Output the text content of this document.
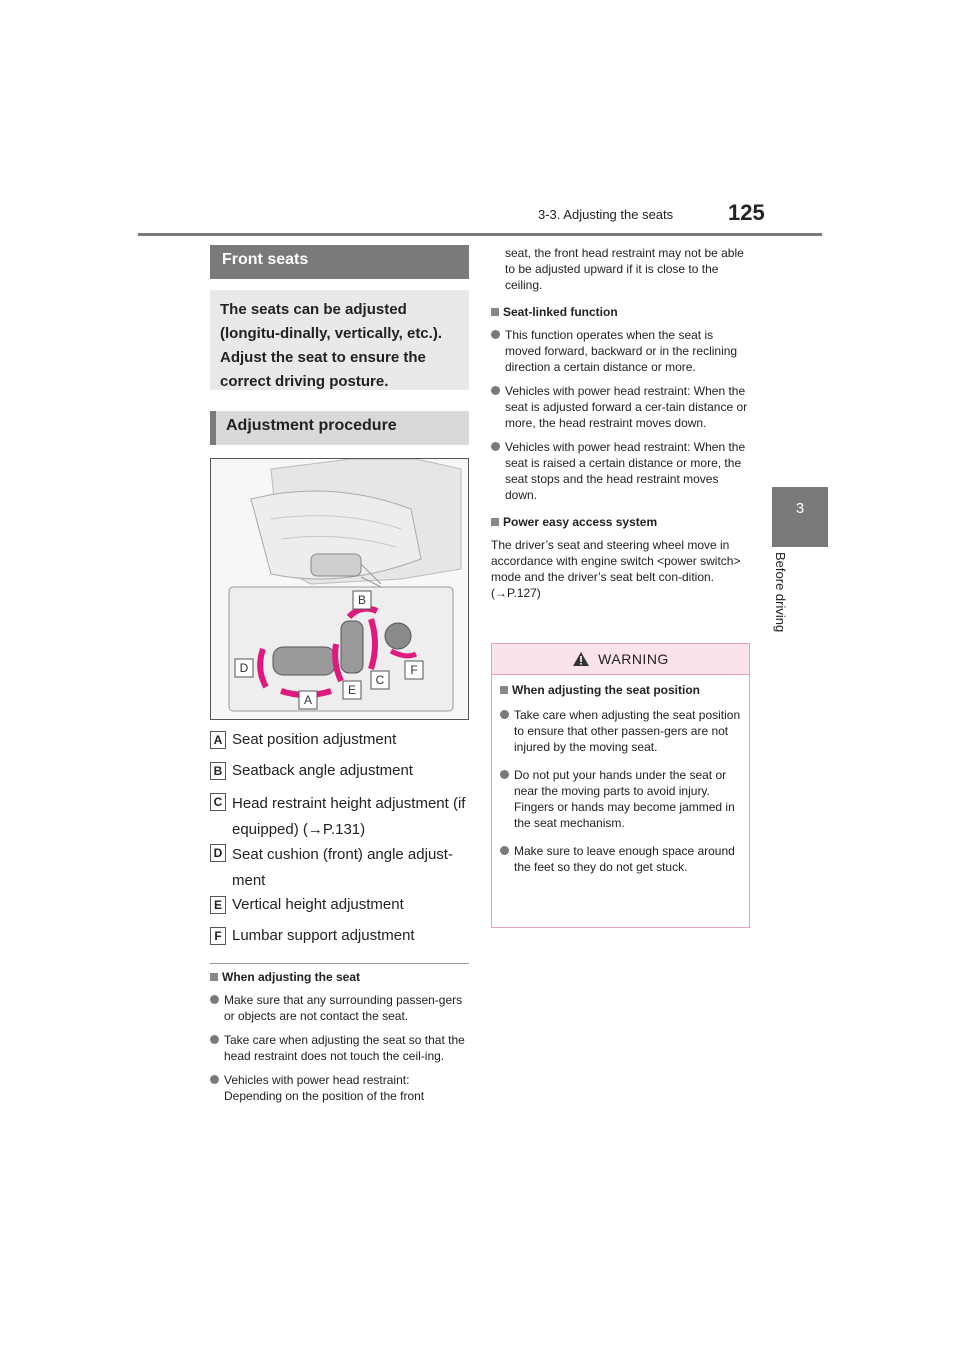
3-3. Adjusting the seats 125
3
Before driving
Front seats
The seats can be adjusted (longitu-dinally, vertically, etc.). Adjust the seat to ensure the correct driving posture.
Adjustment procedure
B
D	F
C
E
A
A Seat position adjustment
B Seatback angle adjustment
C Head restraint height adjustment (if equipped) (→P.131)
D Seat cushion (front) angle adjust-ment
E Vertical height adjustment
F Lumbar support adjustment
When adjusting the seat
Make sure that any surrounding passen-gers or objects are not contact the seat.
Take care when adjusting the seat so that the head restraint does not touch the ceil-ing.
Vehicles with power head restraint: Depending on the position of the front
seat, the front head restraint may not be able to be adjusted upward if it is close to the ceiling.
Seat-linked function
This function operates when the seat is moved forward, backward or in the reclining direction a certain distance or more.
Vehicles with power head restraint: When the seat is adjusted forward a cer-tain distance or more, the head restraint moves down.
Vehicles with power head restraint: When the seat is raised a certain distance or more, the seat stops and the head restraint moves down.
Power easy access system
The driver’s seat and steering wheel move in accordance with engine switch <power switch> mode and the driver’s seat belt con-dition. (→P.127)
WARNING
When adjusting the seat position
Take care when adjusting the seat position to ensure that other passen-gers are not injured by the moving seat.
Do not put your hands under the seat or near the moving parts to avoid injury. Fingers or hands may become jammed in the seat mechanism.
Make sure to leave enough space around the feet so they do not get stuck.
